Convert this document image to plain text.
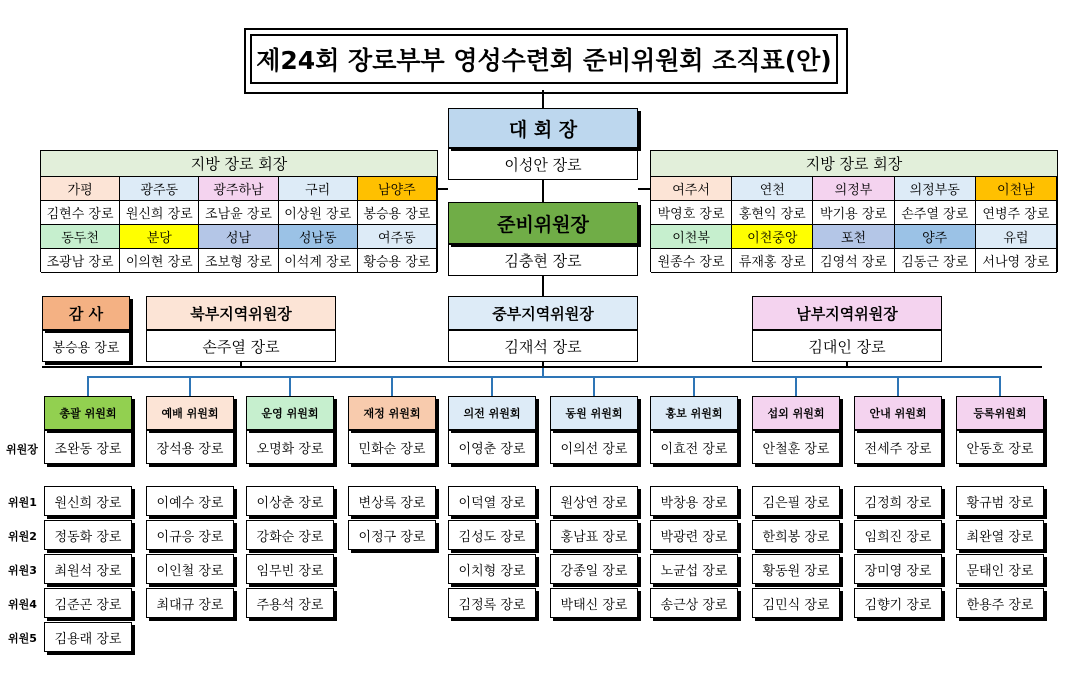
제24회 장로부부 영성수련회 준비위원회 조직표(안)
대 회 장
이성안 장로
준비위원장
김충현 장로
지방 장로 회장
가평
김현수 장로
광주동
원신희 장로
광주하남
조남윤 장로
구리
이상원 장로
남양주
봉승용 장로
동두천
조광남 장로
분당
이의현 장로
성남
조보형 장로
성남동
이석계 장로
여주동
황승용 장로
지방 장로 회장
여주서
박영호 장로
연천
홍현익 장로
의정부
박기용 장로
의정부동
손주열 장로
이천남
연병주 장로
이천북
원종수 장로
이천중앙
류재홍 장로
포천
김영석 장로
양주
김동근 장로
유럽
서나영 장로
감 사
봉승용 장로
북부지역위원장
손주열 장로
중부지역위원장
김재석 장로
남부지역위원장
김대인 장로
위원장
위원1
위원2
위원3
위원4
위원5
총괄 위원회
조완동 장로
원신희 장로
정동화 장로
최원석 장로
김준곤 장로
김용래 장로
예배 위원회
장석용 장로
이예수 장로
이규응 장로
이인철 장로
최대규 장로
운영 위원회
오명화 장로
이상춘 장로
강화순 장로
임무빈 장로
주용석 장로
재정 위원회
민화순 장로
변상록 장로
이정구 장로
의전 위원회
이영춘 장로
이덕열 장로
김성도 장로
이치형 장로
김정록 장로
동원 위원회
이의선 장로
원상연 장로
홍남표 장로
강종일 장로
박태신 장로
홍보 위원회
이효전 장로
박창용 장로
박광련 장로
노균섭 장로
송근상 장로
섭외 위원회
안철훈 장로
김은필 장로
한희봉 장로
황동원 장로
김민식 장로
안내 위원회
전세주 장로
김정희 장로
임희진 장로
장미영 장로
김향기 장로
등록위원회
안동호 장로
황규범 장로
최완열 장로
문태인 장로
한용주 장로
